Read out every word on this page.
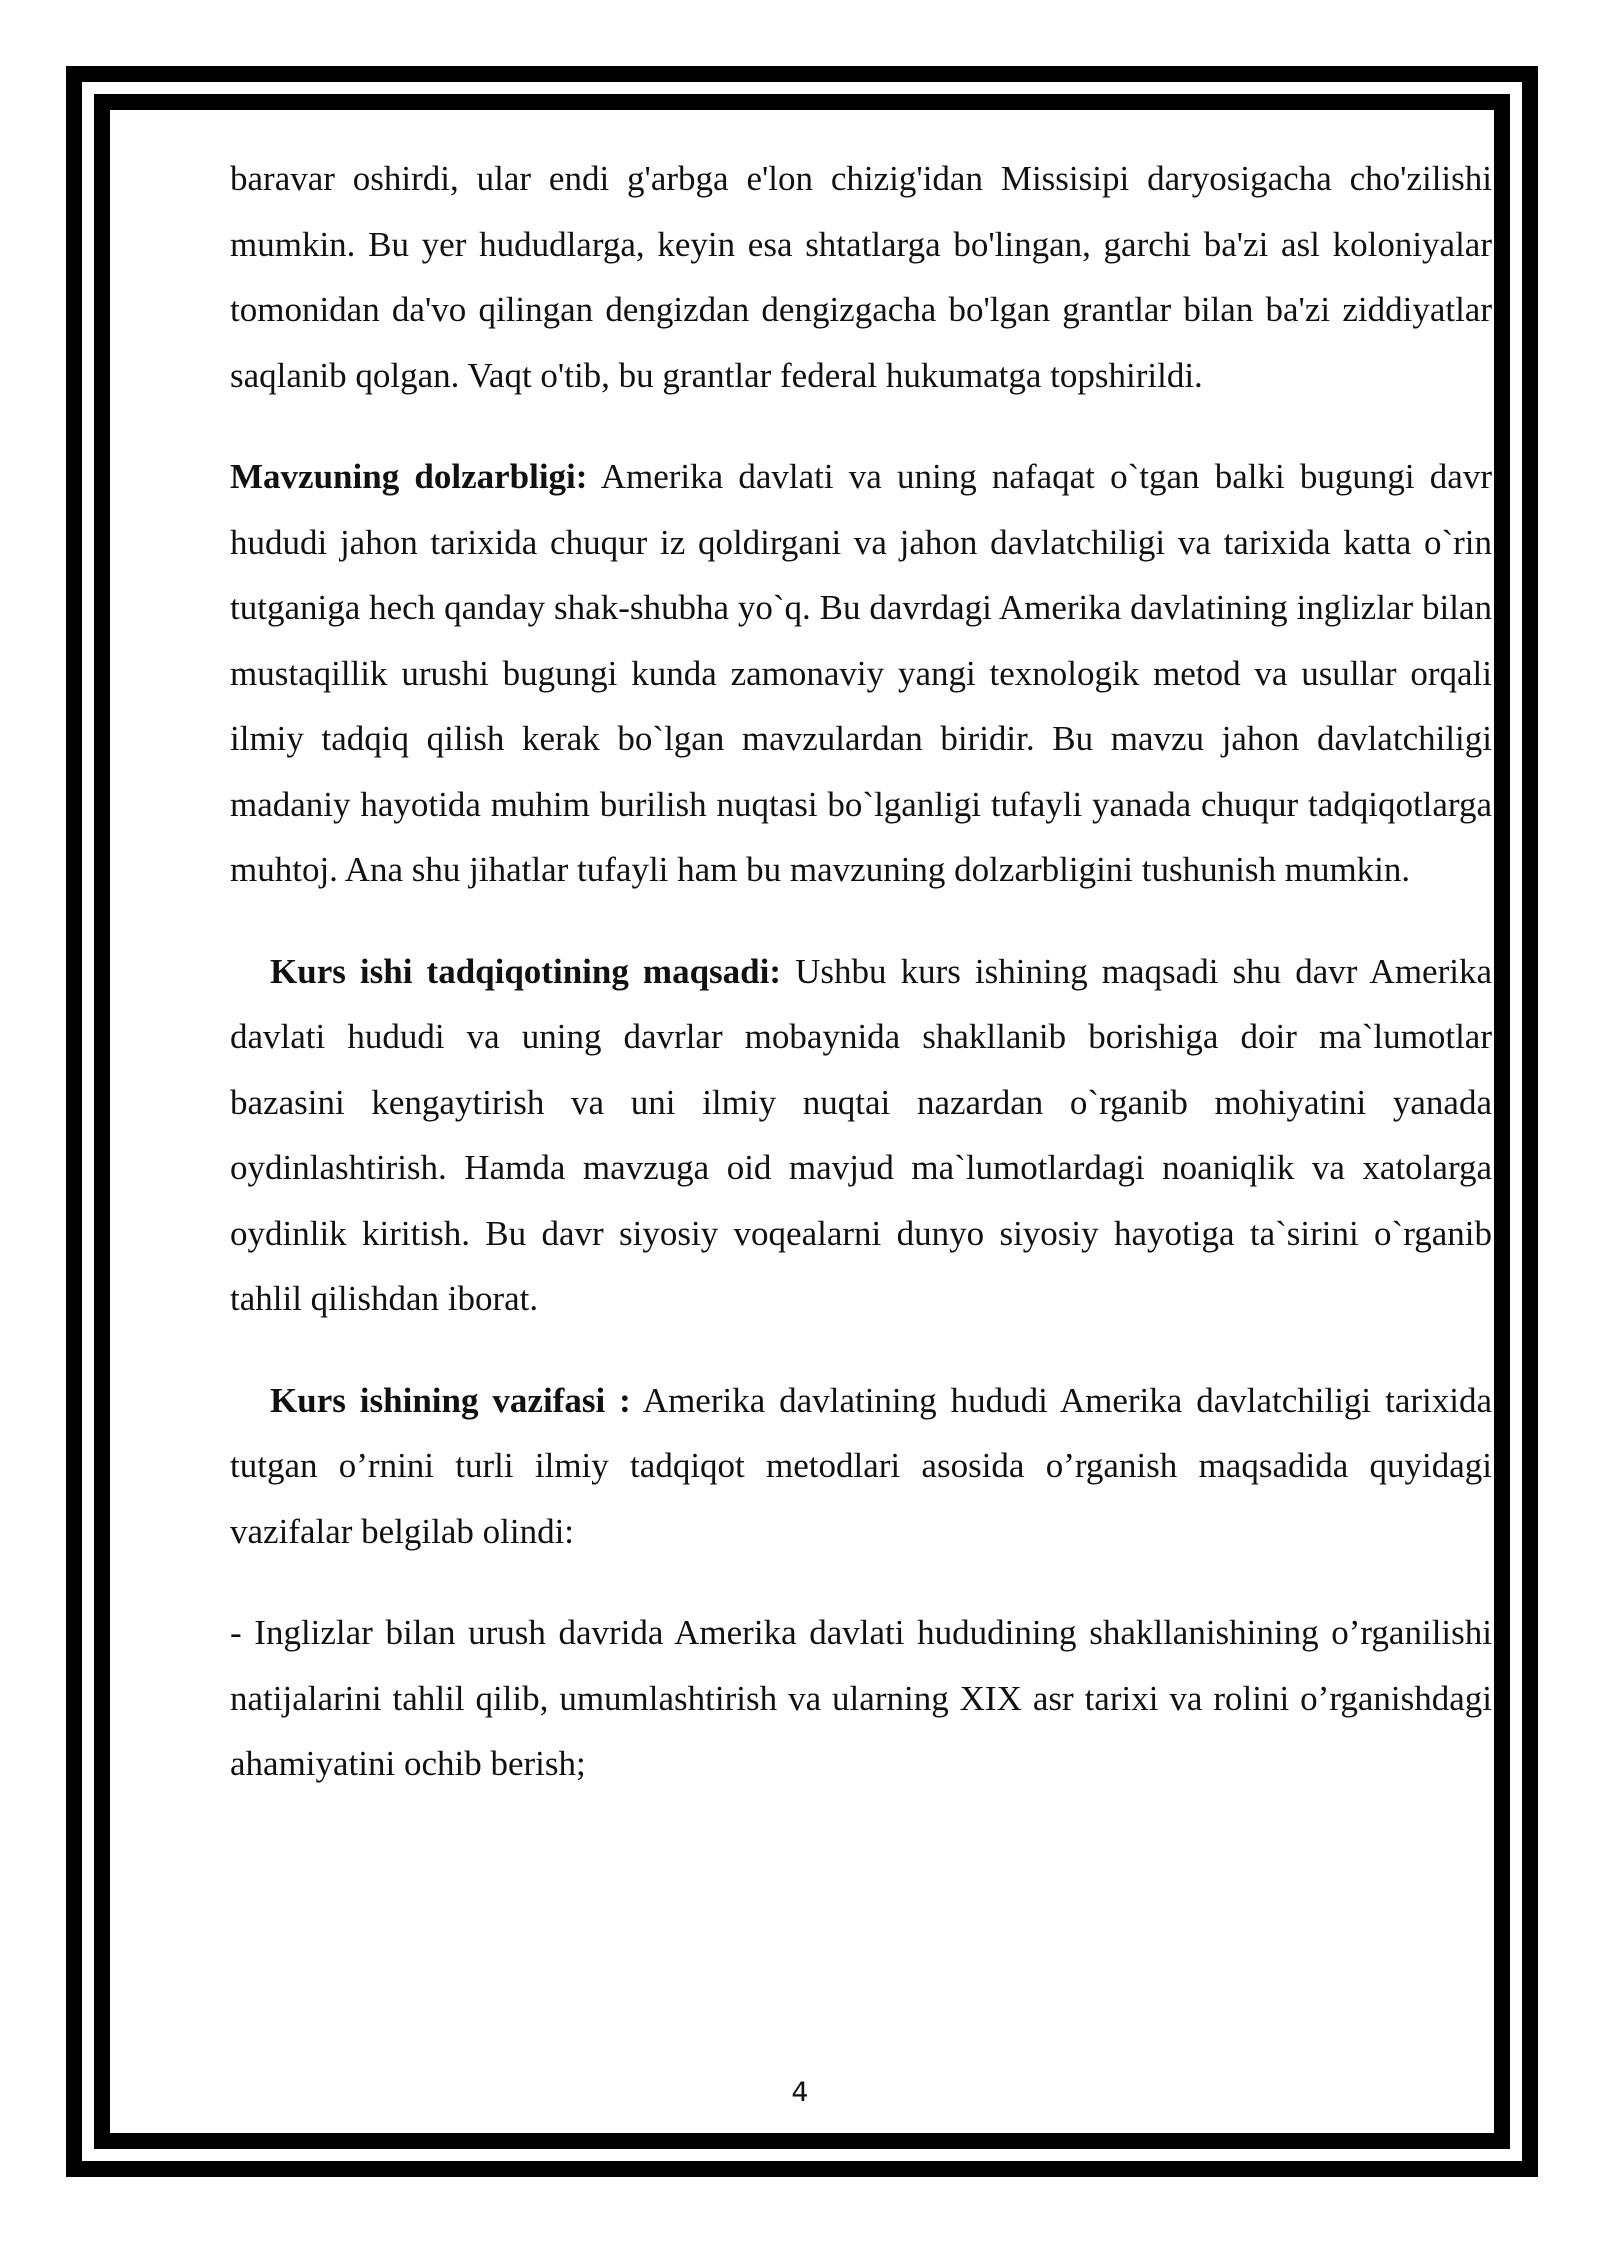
baravar oshirdi, ular endi g'arbga e'lon chizig'idan Missisipi daryosigacha cho'zilishi mumkin. Bu yer hududlarga, keyin esa shtatlarga bo'lingan, garchi ba'zi asl koloniyalar tomonidan da'vo qilingan dengizdan dengizgacha bo'lgan grantlar bilan ba'zi ziddiyatlar saqlanib qolgan. Vaqt o'tib, bu grantlar federal hukumatga topshirildi.

Mavzuning dolzarbligi: Amerika davlati va uning nafaqat o`tgan balki bugungi davr hududi jahon tarixida chuqur iz qoldirgani va jahon davlatchiligi va tarixida katta o`rin tutganiga hech qanday shak-shubha yo`q. Bu davrdagi Amerika davlatining inglizlar bilan mustaqillik urushi bugungi kunda zamonaviy yangi texnologik metod va usullar orqali ilmiy tadqiq qilish kerak bo`lgan mavzulardan biridir. Bu mavzu jahon davlatchiligi madaniy hayotida muhim burilish nuqtasi bo`lganligi tufayli yanada chuqur tadqiqotlarga muhtoj. Ana shu jihatlar tufayli ham bu mavzuning dolzarbligini tushunish mumkin.

Kurs ishi tadqiqotining maqsadi: Ushbu kurs ishining maqsadi shu davr Amerika davlati hududi va uning davrlar mobaynida shakllanib borishiga doir ma`lumotlar bazasini kengaytirish va uni ilmiy nuqtai nazardan o`rganib mohiyatini yanada oydinlashtirish. Hamda mavzuga oid mavjud ma`lumotlardagi noaniqlik va xatolarga oydinlik kiritish. Bu davr siyosiy voqealarni dunyo siyosiy hayotiga ta`sirini o`rganib tahlil qilishdan iborat.

Kurs ishining vazifasi : Amerika davlatining hududi Amerika davlatchiligi tarixida tutgan o’rnini turli ilmiy tadqiqot metodlari asosida o’rganish maqsadida quyidagi vazifalar belgilab olindi:

- Inglizlar bilan urush davrida Amerika davlati hududining shakllanishining o’rganilishi natijalarini tahlil qilib, umumlashtirish va ularning XIX asr tarixi va rolini o’rganishdagi ahamiyatini ochib berish;

4
